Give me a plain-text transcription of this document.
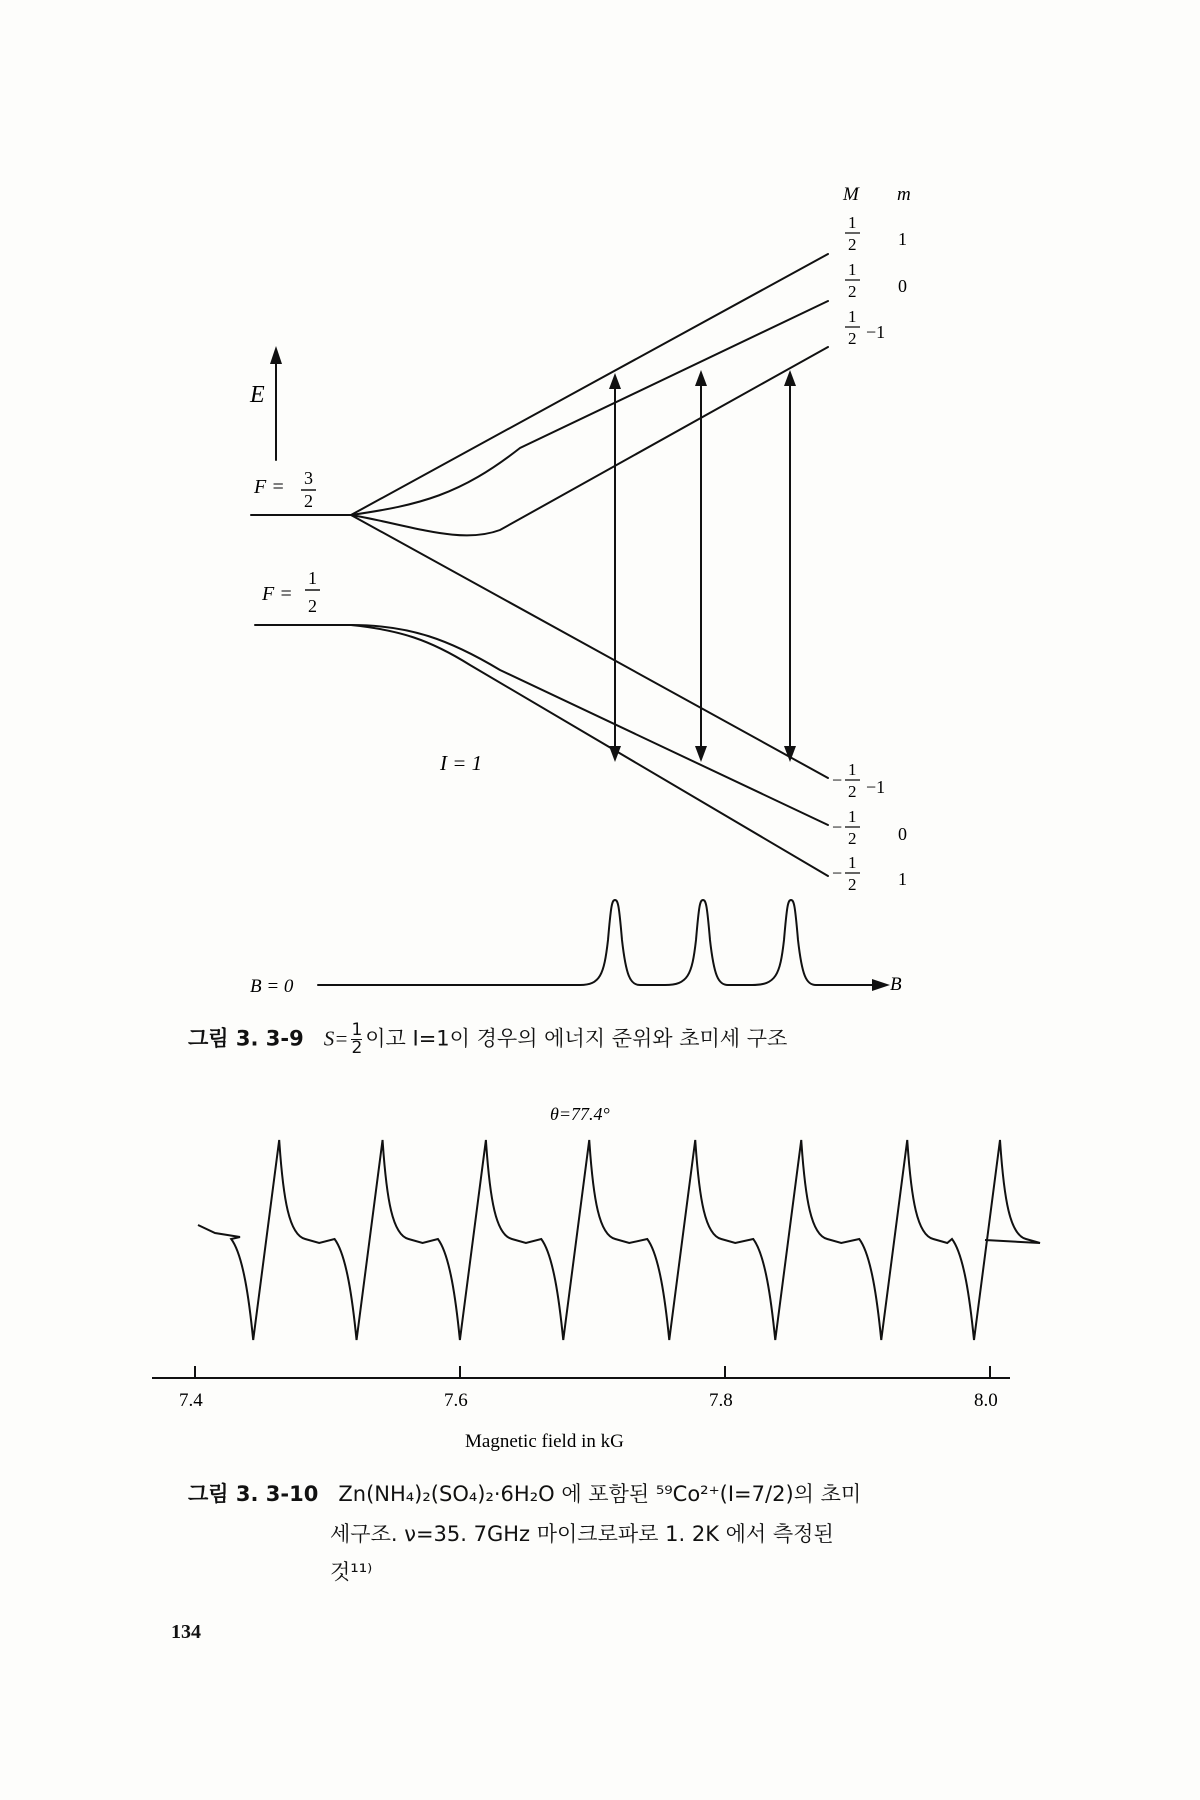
E
F = 3
2
F =
1
2
M m
1
2 1
1
2 0
1
2 −1
−
1
2 −1
−
1
2 0
−
1
2 1
I = 1
B = 0	B
그림 3. 3-9 $S= \frac{1}{2}$ 이고 I=1이 경우의 에너지 준위와 초미세 구조
θ=77.4°
7.4	7.6	7.8	8.0
Magnetic field in kG
그림 3. 3-10 Zn(NH₄)₂(SO₄)₂·6H₂O 에 포함된 ⁵⁹Co²⁺(I=7/2)의 초미
세구조. ν=35. 7GHz 마이크로파로 1. 2K 에서 측정된
것¹¹⁾
134
